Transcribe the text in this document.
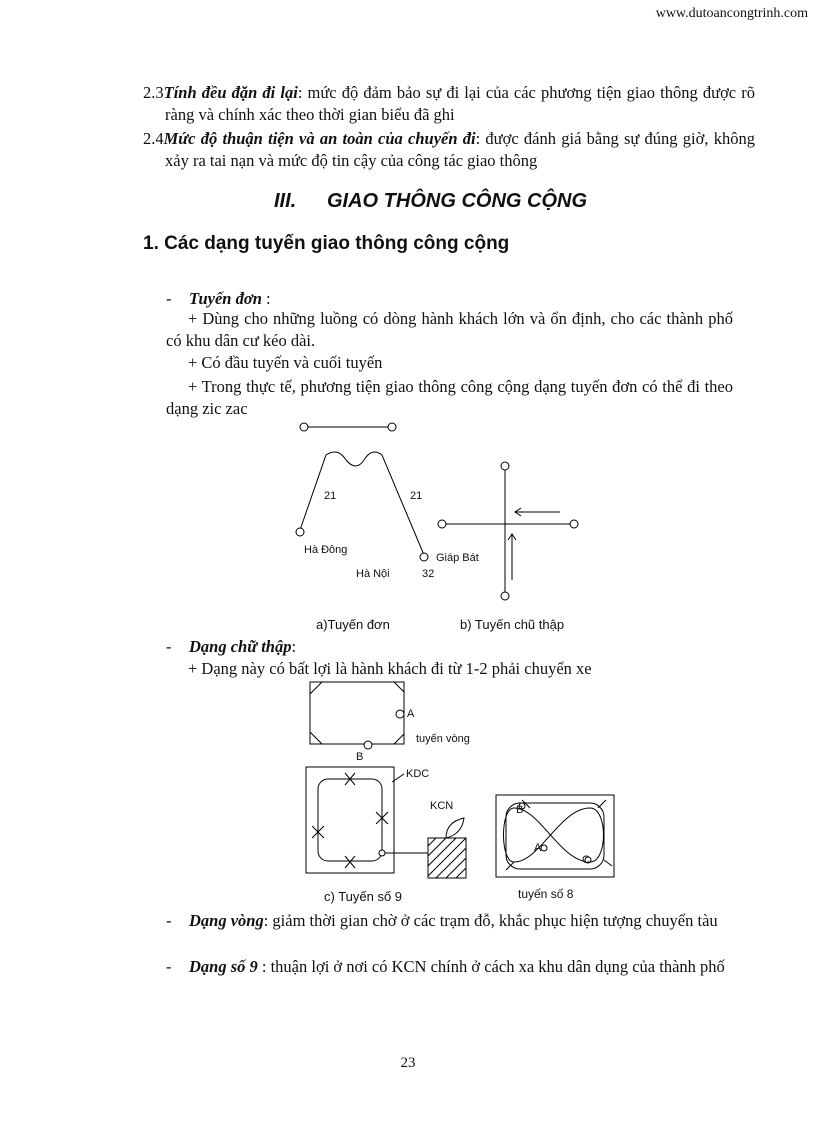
www.dutoancongtrinh.com
2.3Tính đều đặn đi lại: mức độ đảm bảo sự đi lại của các phương tiện giao thông được rõ ràng và chính xác theo thời gian biểu đã ghi
2.4Mức độ thuận tiện và an toàn của chuyến đi: được đánh giá bằng sự đúng giờ, không xảy ra tai nạn và mức độ tin cậy của công tác giao thông
III. GIAO THÔNG CÔNG CỘNG
1. Các dạng tuyến giao thông công cộng
- Tuyến đơn :
+ Dùng cho những luồng có dòng hành khách lớn và ổn định, cho các thành phố có khu dân cư kéo dài.
+ Có đầu tuyến và cuối tuyến
+ Trong thực tế, phương tiện giao thông công cộng dạng tuyến đơn có thể đi theo dạng zic zac
21	21
Hà Đông
Hà Nội
Giáp Bát
32
a)Tuyến đơn	b) Tuyến chũ thập
- Dạng chữ thập:
+ Dạng này có bất lợi là hành khách đi từ 1-2 phải chuyển xe
A
tuyến vòng
B
KDC
KCN	B
A
C
c) Tuyến số 9	tuyến số 8
- Dạng vòng: giảm thời gian chờ ở các trạm đỗ, khắc phục hiện tượng chuyển tàu
- Dạng số 9 : thuận lợi ở nơi có KCN chính ở cách xa khu dân dụng của thành phố
23
